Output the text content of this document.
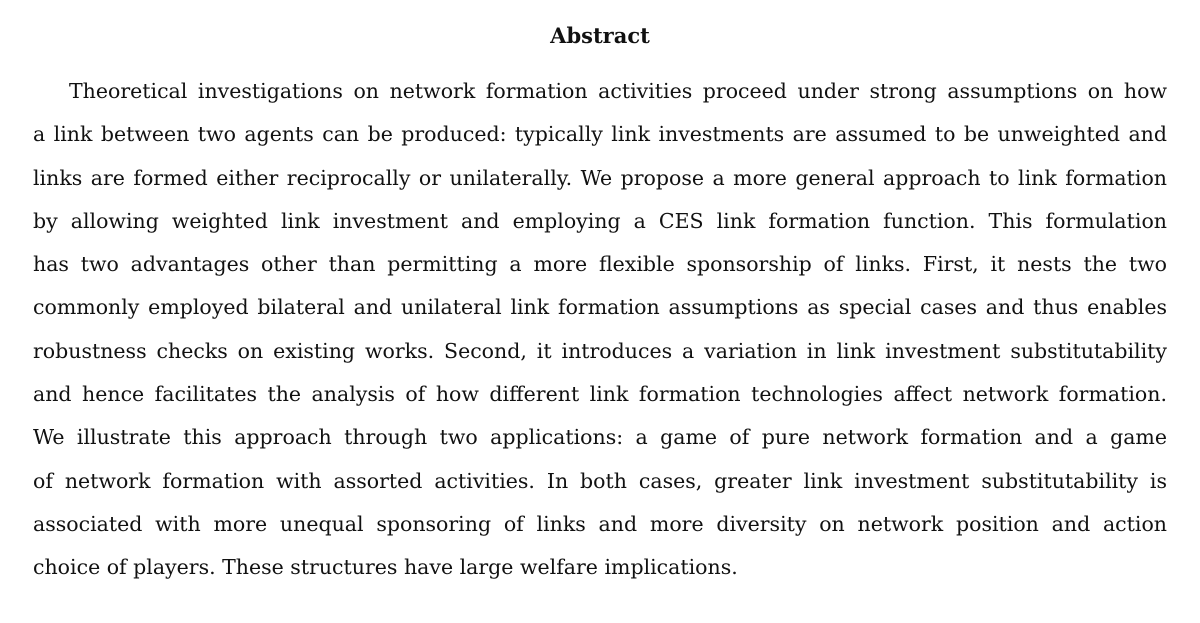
Abstract
Theoretical investigations on network formation activities proceed under strong assumptions on how
a link between two agents can be produced: typically link investments are assumed to be unweighted and
links are formed either reciprocally or unilaterally. We propose a more general approach to link formation
by allowing weighted link investment and employing a CES link formation function. This formulation
has two advantages other than permitting a more flexible sponsorship of links. First, it nests the two
commonly employed bilateral and unilateral link formation assumptions as special cases and thus enables
robustness checks on existing works. Second, it introduces a variation in link investment substitutability
and hence facilitates the analysis of how different link formation technologies affect network formation.
We illustrate this approach through two applications: a game of pure network formation and a game
of network formation with assorted activities. In both cases, greater link investment substitutability is
associated with more unequal sponsoring of links and more diversity on network position and action
choice of players. These structures have large welfare implications.
